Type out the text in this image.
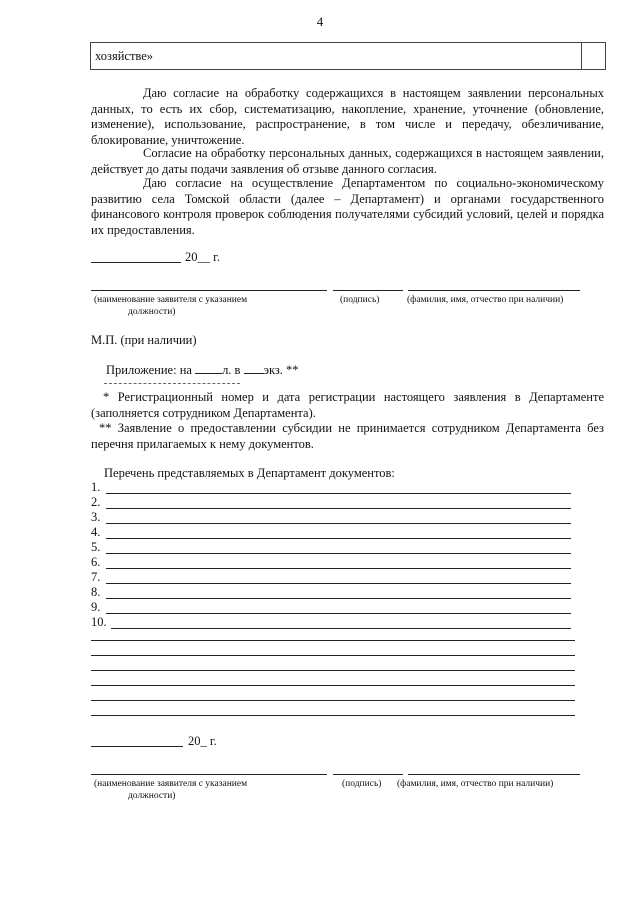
4
хозяйстве»

Даю согласие на обработку содержащихся в настоящем заявлении персональных данных, то есть их сбор, систематизацию, накопление, хранение, уточнение (обновление, изменение), использование, распространение, в том числе и передачу, обезличивание, блокирование, уничтожение.

Согласие на обработку персональных данных, содержащихся в настоящем заявлении, действует до даты подачи заявления об отзыве данного согласия.

Даю согласие на осуществление Департаментом по социально-экономическому развитию села Томской области (далее – Департамент) и органами государственного финансового контроля проверок соблюдения получателями субсидий условий, целей и порядка их предоставления.

20__ г.
(наименование заявителя с указанием
должности)
(подпись)	(фамилия, имя, отчество при наличии)
М.П. (при наличии)
Приложение: на л. в экз. **

* Регистрационный номер и дата регистрации настоящего заявления в Департаменте (заполняется сотрудником Департамента).

** Заявление о предоставлении субсидии не принимается сотрудником Департамента без перечня прилагаемых к нему документов.

Перечень представляемых в Департамент документов:
1.
2.
3.
4.
5.
6.
7.
8.
9.
10.
20_ г.
(наименование заявителя с указанием
должности)
(подпись) (фамилия, имя, отчество при наличии)
